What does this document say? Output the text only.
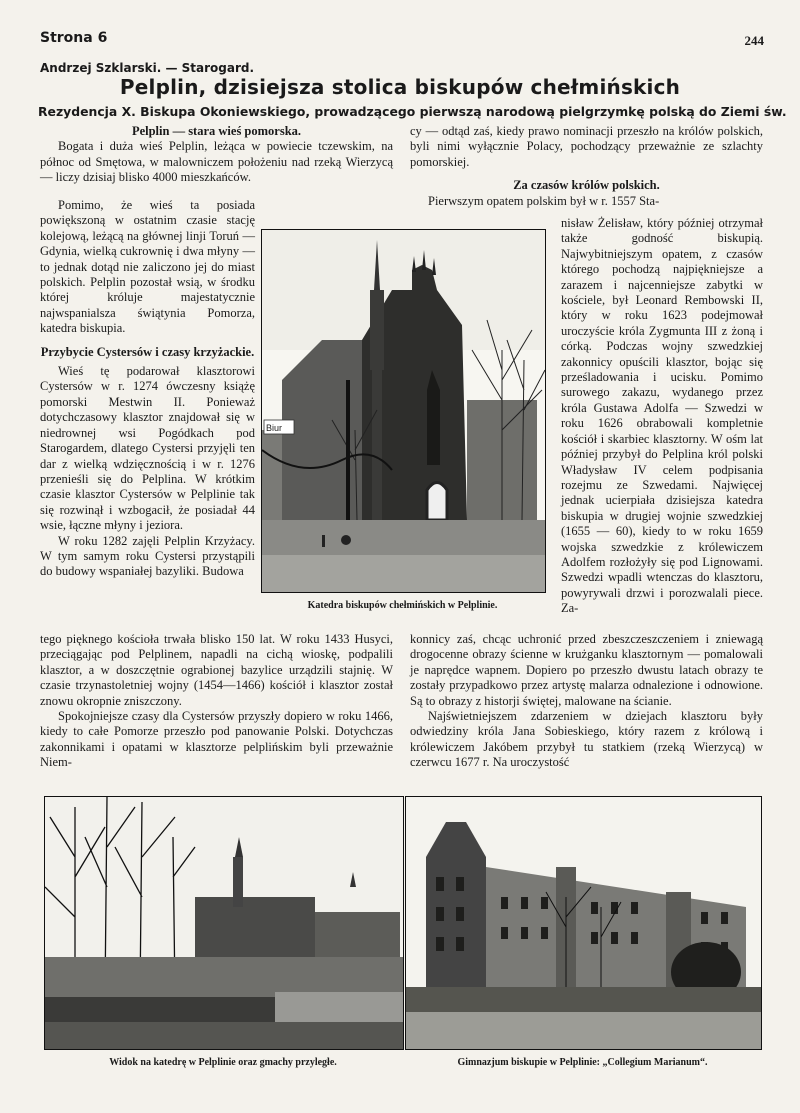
Strona 6	244
Andrzej Szklarski. — Starogard.
Pelplin, dzisiejsza stolica biskupów chełmińskich
Rezydencja X. Biskupa Okoniewskiego, prowadzącego pierwszą narodową pielgrzymkę polską do Ziemi św.
Pelplin — stara wieś pomorska.

Bogata i duża wieś Pelplin, leżąca w powiecie tczewskim, na północ od Smętowa, w malowniczem położeniu nad rzeką Wierzycą — liczy dzisiaj blisko 4000 mieszkańców.

Pomimo, że wieś ta posiada powiększoną w ostatnim czasie stację kolejową, leżącą na głównej linji Toruń — Gdynia, wielką cukrownię i dwa młyny — to jednak dotąd nie zaliczono jej do miast polskich. Pelplin pozostał wsią, w środku której króluje majestatycznie najwspanialsza świątynia Pomorza, katedra biskupia.

Przybycie Cystersów i czasy krzyżackie.

Wieś tę podarował klasztorowi Cystersów w r. 1274 ówczesny książę pomorski Mestwin II. Ponieważ dotychczasowy klasztor znajdował się w niedrownej wsi Pogódkach pod Starogardem, dlatego Cystersi przyjęli ten dar z wielką wdzięcznością i w r. 1276 przenieśli się do Pelplina. W krótkim czasie klasztor Cystersów w Pelplinie tak się rozwinął i wzbogacił, że posiadał 44 wsie, łączne młyny i jeziora.

W roku 1282 zajęli Pelplin Krzyżacy. W tym samym roku Cystersi przystąpili do budowy wspaniałej bazyliki. Budowa

tego pięknego kościoła trwała blisko 150 lat. W roku 1433 Husyci, przeciągając pod Pelplinem, napadli na cichą wioskę, podpalili klasztor, a w doszczętnie ograbionej bazylice urządzili stajnię. W czasie trzynastoletniej wojny (1454—1466) kościół i klasztor został znowu okropnie zniszczony.

Spokojniejsze czasy dla Cystersów przyszły dopiero w roku 1466, kiedy to całe Pomorze przeszło pod panowanie Polski. Dotychczas zakonnikami i opatami w klasztorze pelplińskim byli przeważnie Niem-

cy — odtąd zaś, kiedy prawo nominacji przeszło na królów polskich, byli nimi wyłącznie Polacy, pochodzący przeważnie ze szlachty pomorskiej.

Za czasów królów polskich.

Pierwszym opatem polskim był w r. 1557 Sta-

nisław Żelisław, który później otrzymał także godność biskupią. Najwybitniejszym opatem, z czasów którego pochodzą najpiękniejsze a zarazem i najcenniejsze zabytki w kościele, był Leonard Rembowski II, który w roku 1623 podejmował uroczyście króla Zygmunta III z żoną i córką. Podczas wojny szwedzkiej zakonnicy opuścili klasztor, bojąc się prześladowania i ucisku. Pomimo surowego zakazu, wydanego przez króla Gustawa Adolfa — Szwedzi w roku 1626 obrabowali kompletnie kościół i skarbiec klasztorny. W ośm lat później przybył do Pelplina król polski Władysław IV celem podpisania rozejmu ze Szwedami. Najwięcej jednak ucierpiała dzisiejsza katedra biskupia w drugiej wojnie szwedzkiej (1655 — 60), kiedy to w roku 1659 wojska szwedzkie z królewiczem Adolfem rozłożyły się pod Lignowami. Szwedzi wpadli wtenczas do klasztoru, powyrywali drzwi i porozwalali piece. Za-

konnicy zaś, chcąc uchronić przed zbeszczeszczeniem i zniewagą drogocenne obrazy ścienne w krużganku klasztornym — pomalowali je naprędce wapnem. Dopiero po przeszło dwustu latach obrazy te zostały przypadkowo przez artystę malarza odnalezione i odnowione. Są to obrazy z historji świętej, malowane na ścianie.

Najświetniejszem zdarzeniem w dziejach klasztoru były odwiedziny króla Jana Sobieskiego, który razem z królową i królewiczem Jakóbem przybył tu statkiem (rzeką Wierzycą) w czerwcu 1677 r. Na uroczystość

Biur
Katedra biskupów chełmińskich w Pelplinie.
Widok na katedrę w Pelplinie oraz gmachy przyległe.	Gimnazjum biskupie w Pelplinie: „Collegium Marianum“.
